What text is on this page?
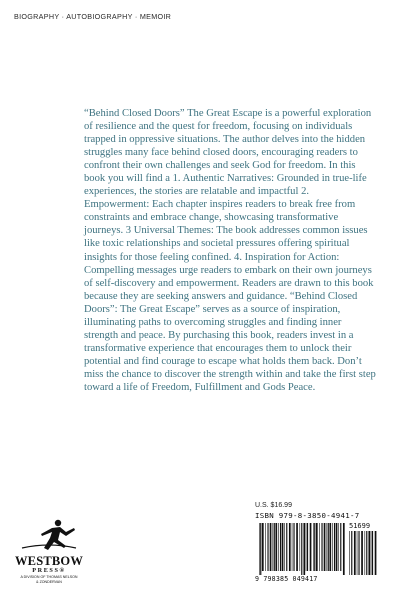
BIOGRAPHY · AUTOBIOGRAPHY · MEMOIR

“Behind Closed Doors” The Great Escape is a powerful exploration of resilience and the quest for freedom, focusing on individuals trapped in oppressive situations. The author delves into the hidden struggles many face behind closed doors, encouraging readers to confront their own challenges and seek God for freedom. In this book you will find a 1. Authentic Narratives: Grounded in true-life experiences, the stories are relatable and impactful 2. Empowerment: Each chapter inspires readers to break free from constraints and embrace change, showcasing transformative journeys. 3 Universal Themes: The book addresses common issues like toxic relationships and societal pressures offering spiritual insights for those feeling confined. 4. Inspiration for Action: Compelling messages urge readers to embark on their own journeys of self-discovery and empowerment. Readers are drawn to this book because they are seeking answers and guidance. “Behind Closed Doors”: The Great Escape” serves as a source of inspiration, illuminating paths to overcoming struggles and finding inner strength and peace. By purchasing this book, readers invest in a transformative experience that encourages them to unlock their potential and find courage to escape what holds them back. Don’t miss the chance to discover the strength within and take the first step toward a life of Freedom, Fulfillment and Gods Peace.

U.S. $16.99
ISBN 979-8-3850-4941-7
51699
9 798385 049417
WESTBOW
PRESS®
A DIVISION OF THOMAS NELSON
& ZONDERVAN
